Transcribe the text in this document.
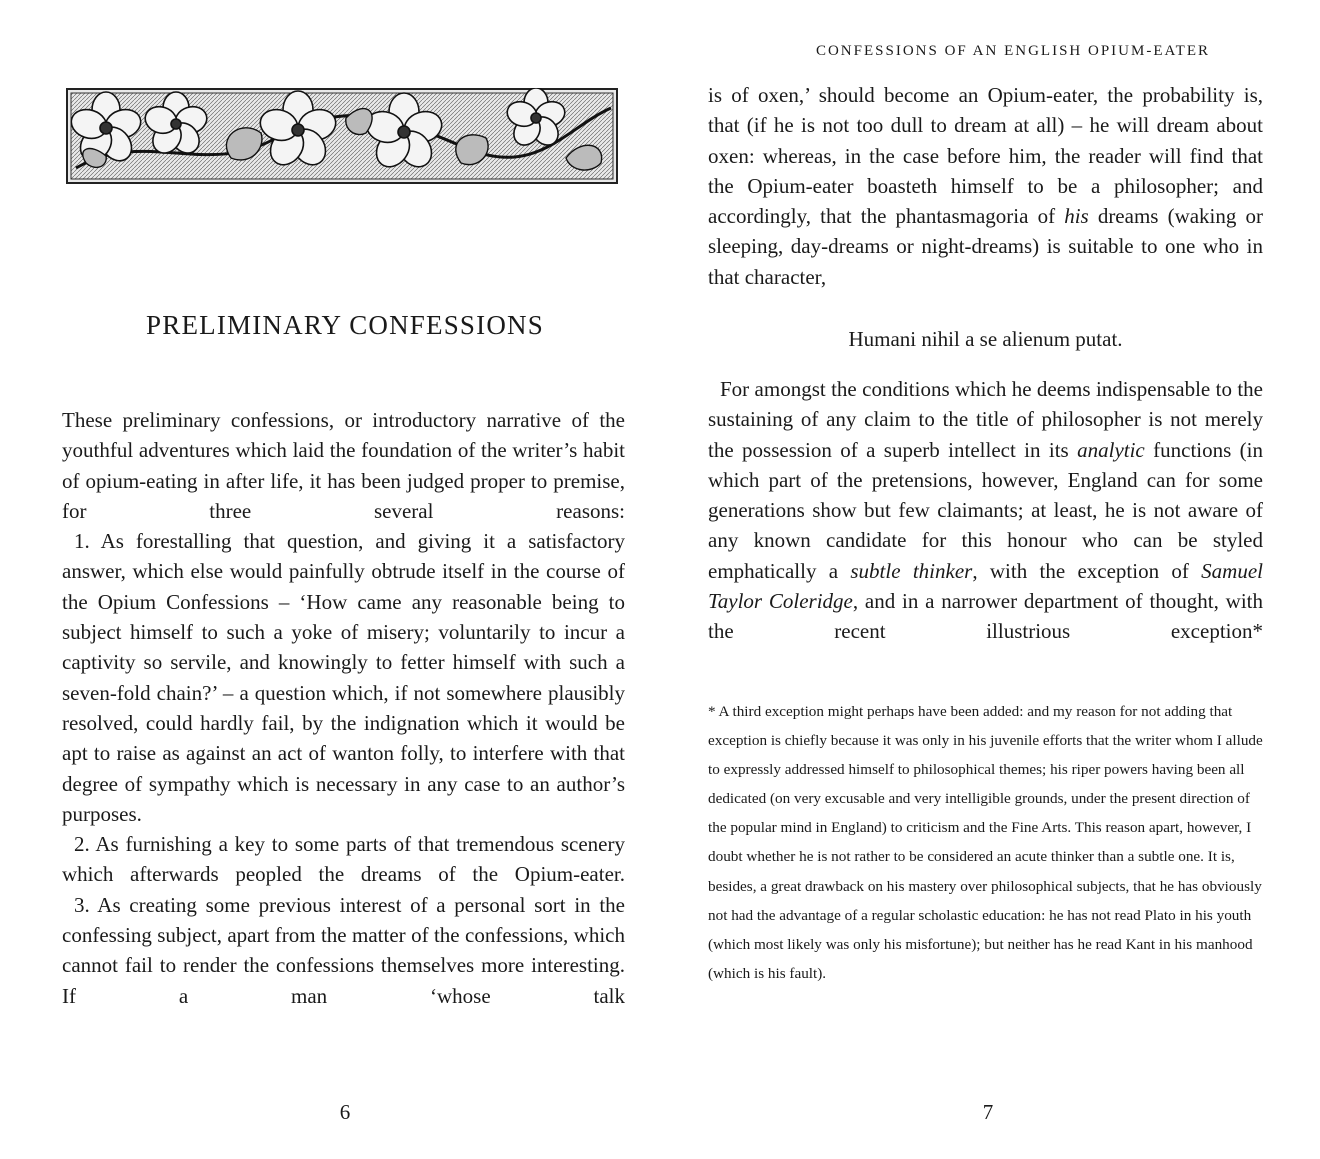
PRELIMINARY CONFESSIONS

These preliminary confessions, or introductory narrative of the youthful adventures which laid the foundation of the writer’s habit of opium-eating in after life, it has been judged proper to premise, for three several reasons:

1. As forestalling that question, and giving it a satisfactory answer, which else would painfully obtrude itself in the course of the Opium Confessions – ‘How came any reasonable being to subject himself to such a yoke of misery; voluntarily to incur a captivity so servile, and knowingly to fetter himself with such a seven-fold chain?’ – a question which, if not somewhere plausibly resolved, could hardly fail, by the indignation which it would be apt to raise as against an act of wanton folly, to interfere with that degree of sympathy which is necessary in any case to an author’s purposes.

2. As furnishing a key to some parts of that tremendous scenery which afterwards peopled the dreams of the Opium-eater.

3. As creating some previous interest of a personal sort in the confessing subject, apart from the matter of the confessions, which cannot fail to render the confessions themselves more interesting. If a man ‘whose talk

6
CONFESSIONS OF AN ENGLISH OPIUM-EATER

is of oxen,’ should become an Opium-eater, the probability is, that (if he is not too dull to dream at all) – he will dream about oxen: whereas, in the case before him, the reader will find that the Opium-eater boasteth himself to be a philosopher; and accordingly, that the phantasmagoria of his dreams (waking or sleeping, day-dreams or night-dreams) is suitable to one who in that character,

Humani nihil a se alienum putat.

For amongst the conditions which he deems indispensable to the sustaining of any claim to the title of philosopher is not merely the possession of a superb intellect in its analytic functions (in which part of the pretensions, however, England can for some generations show but few claimants; at least, he is not aware of any known candidate for this honour who can be styled emphatically a subtle thinker, with the exception of Samuel Taylor Coleridge, and in a narrower department of thought, with the recent illustrious exception*

* A third exception might perhaps have been added: and my reason for not adding that exception is chiefly because it was only in his juvenile efforts that the writer whom I allude to expressly addressed himself to philosophical themes; his riper powers having been all dedicated (on very excusable and very intelligible grounds, under the present direction of the popular mind in England) to criticism and the Fine Arts. This reason apart, however, I doubt whether he is not rather to be considered an acute thinker than a subtle one. It is, besides, a great drawback on his mastery over philosophical subjects, that he has obviously not had the advantage of a regular scholastic education: he has not read Plato in his youth (which most likely was only his misfortune); but neither has he read Kant in his manhood (which is his fault).

7
